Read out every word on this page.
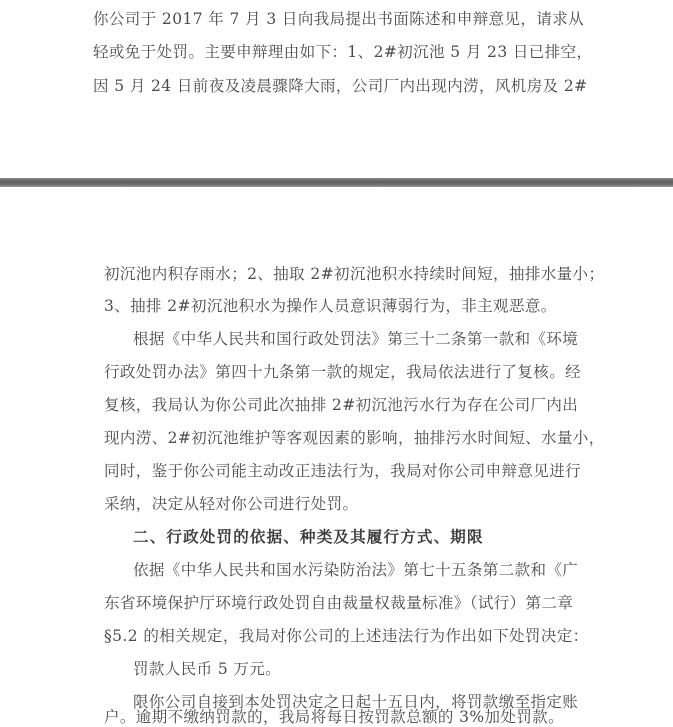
你公司于 2017 年 7 月 3 日向我局提出书面陈述和申辩意见，请求从
轻或免于处罚。主要申辩理由如下：1、2#初沉池 5 月 23 日已排空，
因 5 月 24 日前夜及凌晨骤降大雨，公司厂内出现内涝，风机房及 2#
初沉池内积存雨水；2、抽取 2#初沉池积水持续时间短，抽排水量小；
3、抽排 2#初沉池积水为操作人员意识薄弱行为，非主观恶意。
根据《中华人民共和国行政处罚法》第三十二条第一款和《环境
行政处罚办法》第四十九条第一款的规定，我局依法进行了复核。经
复核，我局认为你公司此次抽排 2#初沉池污水行为存在公司厂内出
现内涝、2#初沉池维护等客观因素的影响，抽排污水时间短、水量小，
同时，鉴于你公司能主动改正违法行为，我局对你公司申辩意见进行
采纳，决定从轻对你公司进行处罚。
二、行政处罚的依据、种类及其履行方式、期限
依据《中华人民共和国水污染防治法》第七十五条第二款和《广
东省环境保护厅环境行政处罚自由裁量权裁量标准》（试行）第二章
§5.2 的相关规定，我局对你公司的上述违法行为作出如下处罚决定：
罚款人民币 5 万元。
限你公司自接到本处罚决定之日起十五日内，将罚款缴至指定账
户。逾期不缴纳罚款的，我局将每日按罚款总额的 3%加处罚款。
